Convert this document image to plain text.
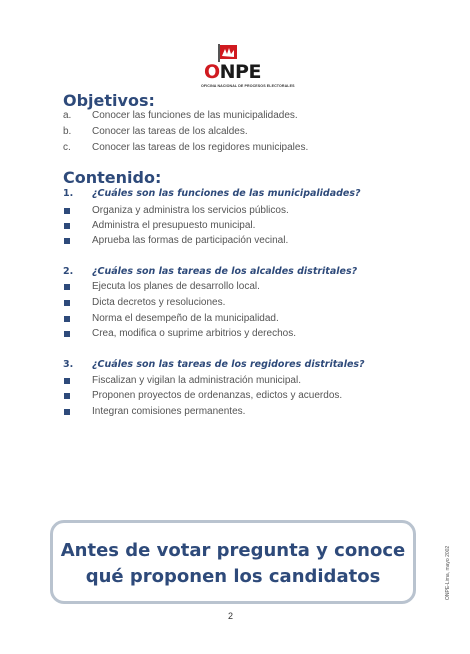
ONPE
OFICINA NACIONAL DE PROCESOS ELECTORALES
Objetivos:
a.	Conocer las funciones de las municipalidades.
b.	Conocer las tareas de los alcaldes.
c.	Conocer las tareas de los regidores municipales.
Contenido:
1.	¿Cuáles son las funciones de las municipalidades?
Organiza y administra los servicios públicos.
Administra el presupuesto municipal.
Aprueba las formas de participación vecinal.
2.	¿Cuáles son las tareas de los alcaldes distritales?
Ejecuta los planes de desarrollo local.
Dicta decretos y resoluciones.
Norma el desempeño de la municipalidad.
Crea, modifica o suprime arbitrios y derechos.
3.	¿Cuáles son las tareas de los regidores distritales?
Fiscalizan y vigilan la administración municipal.
Proponen proyectos de ordenanzas, edictos y acuerdos.
Integran comisiones permanentes.
Antes de votar pregunta y conoce
qué proponen los candidatos
2
ONPE-Lima, mayo 2002
